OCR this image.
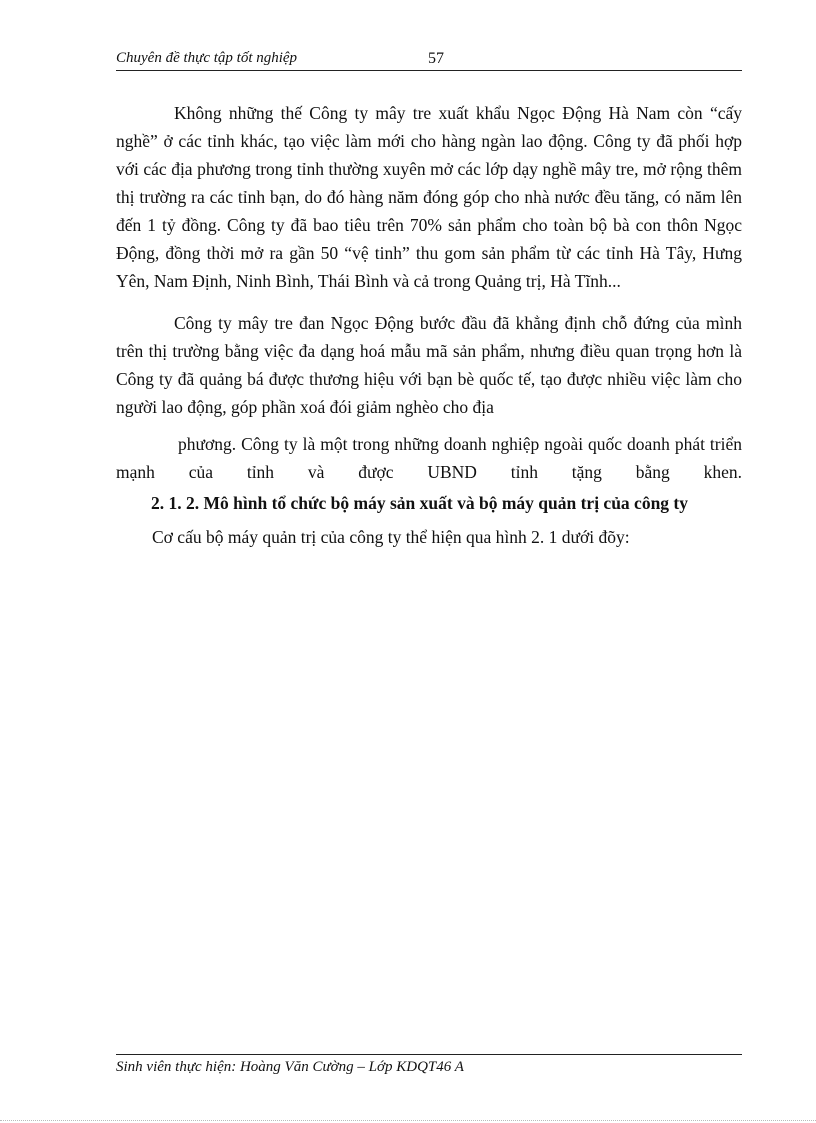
Chuyên đề thực tập tốt nghiệp	57

Không những thế Công ty mây tre xuất khẩu Ngọc Động Hà Nam còn “cấy nghề” ở các tỉnh khác, tạo việc làm mới cho hàng ngàn lao động. Công ty đã phối hợp với các địa phương trong tỉnh thường xuyên mở các lớp dạy nghề mây tre, mở rộng thêm thị trường ra các tỉnh bạn, do đó hàng năm đóng góp cho nhà nước đều tăng, có năm lên đến 1 tỷ đồng. Công ty đã bao tiêu trên 70% sản phẩm cho toàn bộ bà con thôn Ngọc Động, đồng thời mở ra gần 50 “vệ tinh” thu gom sản phẩm từ các tỉnh Hà Tây, Hưng Yên, Nam Định, Ninh Bình, Thái Bình và cả trong Quảng trị, Hà Tĩnh...

Công ty mây tre đan Ngọc Động bước đầu đã khẳng định chỗ đứng của mình trên thị trường bằng việc đa dạng hoá mẫu mã sản phẩm, nhưng điều quan trọng hơn là Công ty đã quảng bá được thương hiệu với bạn bè quốc tế, tạo được nhiều việc làm cho người lao động, góp phần xoá đói giảm nghèo cho địa

phương. Công ty là một trong những doanh nghiệp ngoài quốc doanh phát triển mạnh của tỉnh và được UBND tỉnh tặng bằng khen.

2. 1. 2. Mô hình tổ chức bộ máy sản xuất và bộ máy quản trị của công ty

Cơ cấu bộ máy quản trị của công ty thể hiện qua hình 2. 1 dưới đõy:

Sinh viên thực hiện: Hoàng Văn Cường – Lớp KDQT46 A
